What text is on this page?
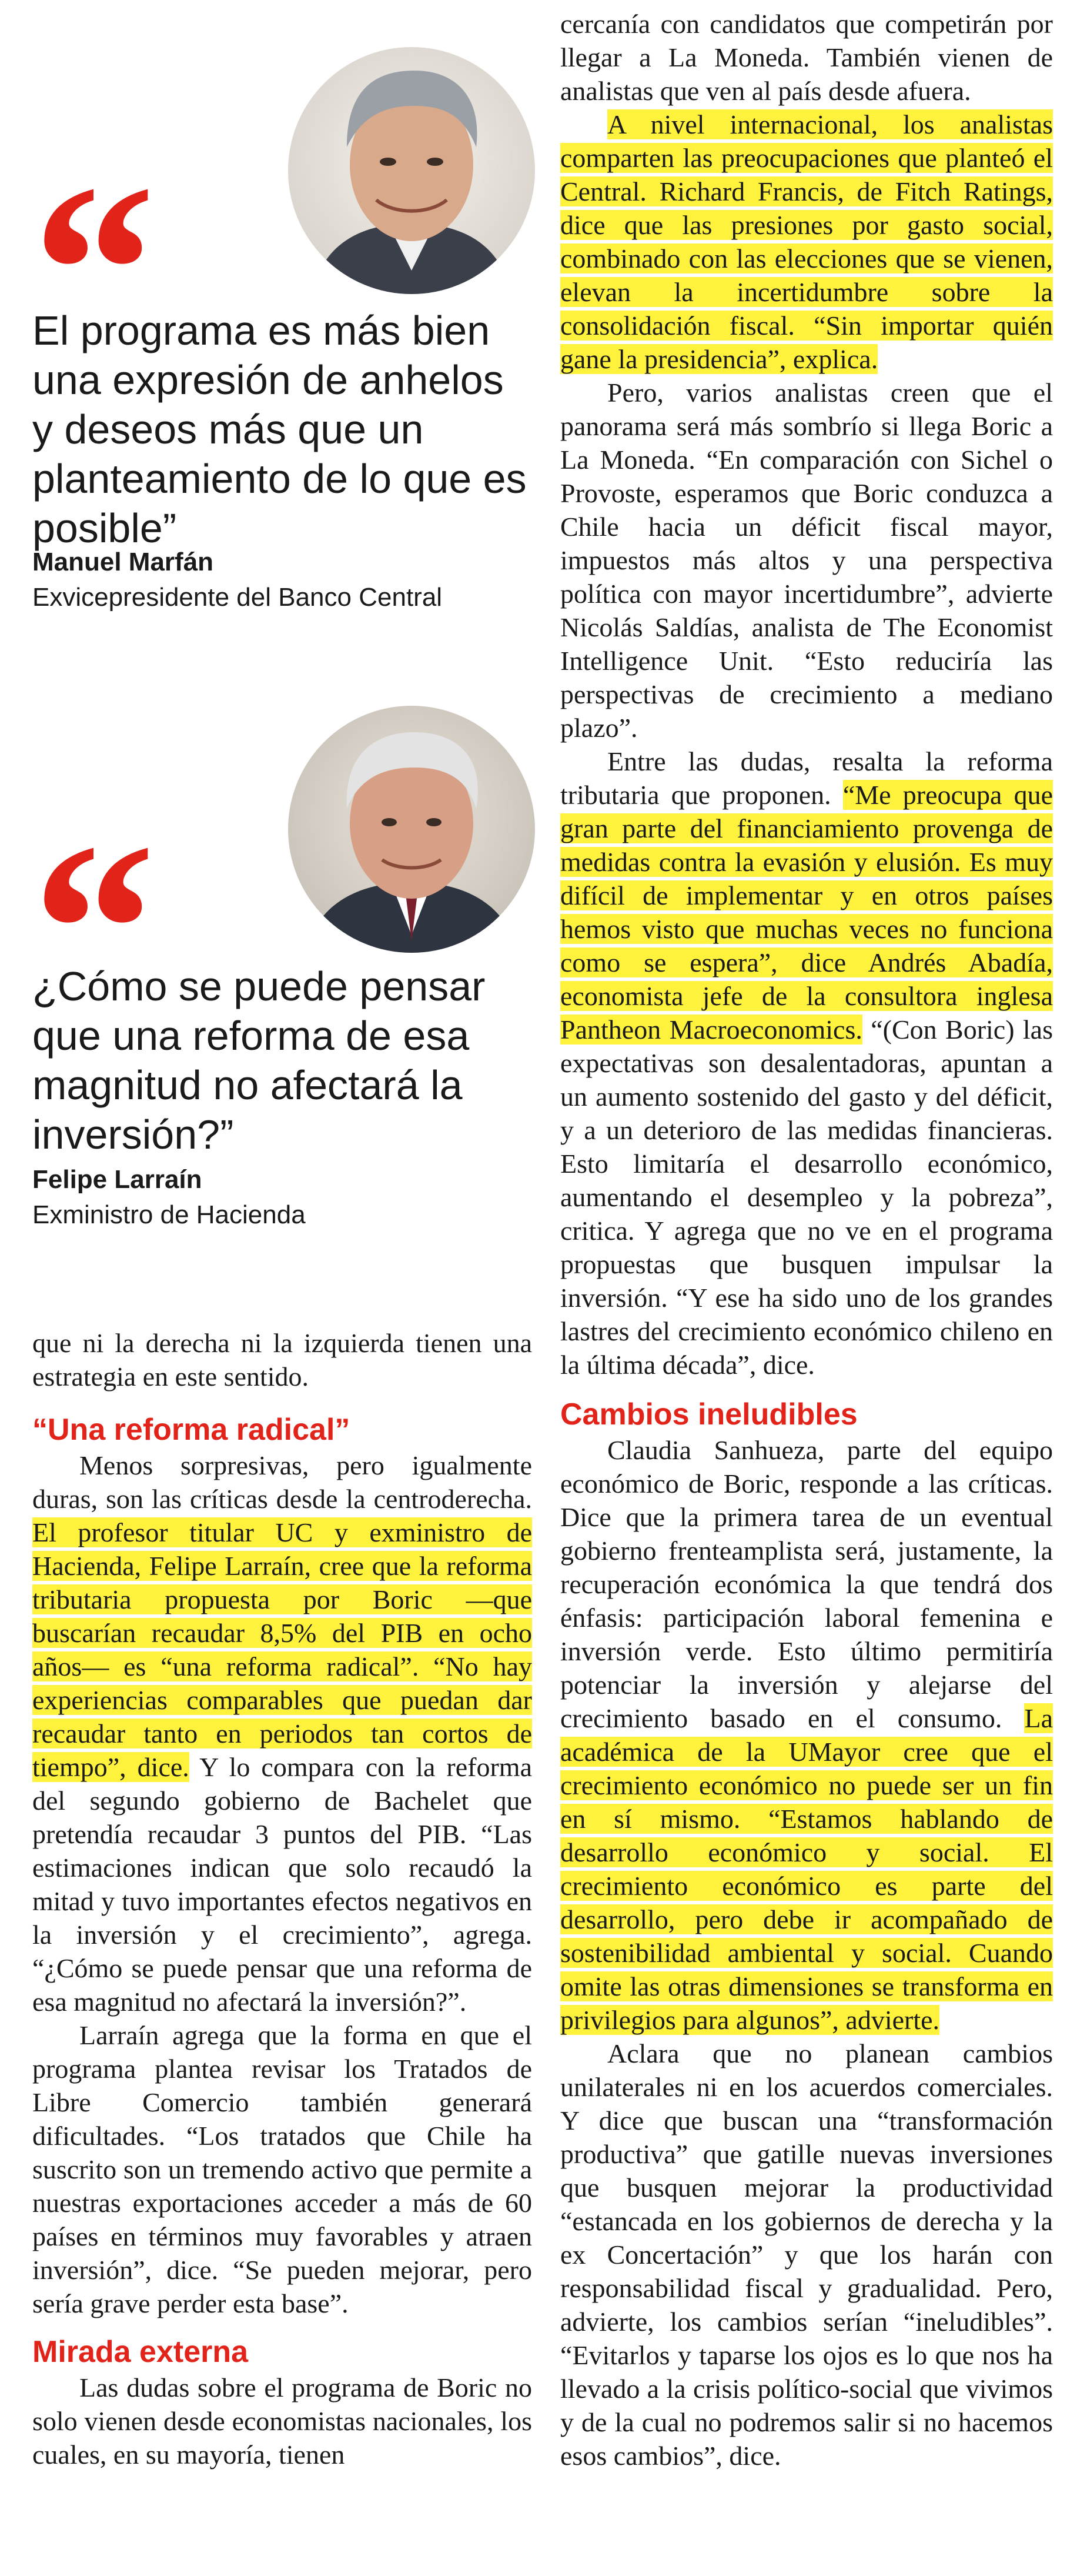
“
El programa es más bien una expresión de anhelos y deseos más que un planteamiento de lo que es posible”
Manuel Marfán
Exvicepresidente del Banco Central
“
¿Cómo se puede pensar que una reforma de esa magnitud no afectará la inversión?”
Felipe Larraín
Exministro de Hacienda

que ni la derecha ni la izquierda tienen una estrategia en este sentido.

“Una reforma radical”

Menos sorpresivas, pero igualmente duras, son las críticas desde la centroderecha. El profesor titular UC y exministro de Hacienda, Felipe Larraín, cree que la reforma tributaria propuesta por Boric —que buscarían recaudar 8,5% del PIB en ocho años— es “una reforma radical”. “No hay experiencias comparables que puedan dar recaudar tanto en periodos tan cortos de tiempo”, dice. Y lo compara con la reforma del segundo gobierno de Bachelet que pretendía recaudar 3 puntos del PIB. “Las estimaciones indican que solo recaudó la mitad y tuvo importantes efectos negativos en la inversión y el crecimiento”, agrega. “¿Cómo se puede pensar que una reforma de esa magnitud no afectará la inversión?”.

Larraín agrega que la forma en que el programa plantea revisar los Tratados de Libre Comercio también generará dificultades. “Los tratados que Chile ha suscrito son un tremendo activo que permite a nuestras exportaciones acceder a más de 60 países en términos muy favorables y atraen inversión”, dice. “Se pueden mejorar, pero sería grave perder esta base”.

Mirada externa

Las dudas sobre el programa de Boric no solo vienen desde economistas nacionales, los cuales, en su mayoría, tienen

cercanía con candidatos que competirán por llegar a La Moneda. También vienen de analistas que ven al país desde afuera.

A nivel internacional, los analistas comparten las preocupaciones que planteó el Central. Richard Francis, de Fitch Ratings, dice que las presiones por gasto social, combinado con las elecciones que se vienen, elevan la incertidumbre sobre la consolidación fiscal. “Sin importar quién gane la presidencia”, explica.

Pero, varios analistas creen que el panorama será más sombrío si llega Boric a La Moneda. “En comparación con Sichel o Provoste, esperamos que Boric conduzca a Chile hacia un déficit fiscal mayor, impuestos más altos y una perspectiva política con mayor incertidumbre”, advierte Nicolás Saldías, analista de The Economist Intelligence Unit. “Esto reduciría las perspectivas de crecimiento a mediano plazo”.

Entre las dudas, resalta la reforma tributaria que proponen. “Me preocupa que gran parte del financiamiento provenga de medidas contra la evasión y elusión. Es muy difícil de implementar y en otros países hemos visto que muchas veces no funciona como se espera”, dice Andrés Abadía, economista jefe de la consultora inglesa Pantheon Macroeconomics. “(Con Boric) las expectativas son desalentadoras, apuntan a un aumento sostenido del gasto y del déficit, y a un deterioro de las medidas financieras. Esto limitaría el desarrollo económico, aumentando el desempleo y la pobreza”, critica. Y agrega que no ve en el programa propuestas que busquen impulsar la inversión. “Y ese ha sido uno de los grandes lastres del crecimiento económico chileno en la última década”, dice.

Cambios ineludibles

Claudia Sanhueza, parte del equipo económico de Boric, responde a las críticas. Dice que la primera tarea de un eventual gobierno frenteamplista será, justamente, la recuperación económica la que tendrá dos énfasis: participación laboral femenina e inversión verde. Esto último permitiría potenciar la inversión y alejarse del crecimiento basado en el consumo. La académica de la UMayor cree que el crecimiento económico no puede ser un fin en sí mismo. “Estamos hablando de desarrollo económico y social. El crecimiento económico es parte del desarrollo, pero debe ir acompañado de sostenibilidad ambiental y social. Cuando omite las otras dimensiones se transforma en privilegios para algunos”, advierte.

Aclara que no planean cambios unilaterales ni en los acuerdos comerciales. Y dice que buscan una “transformación productiva” que gatille nuevas inversiones que busquen mejorar la productividad “estancada en los gobiernos de derecha y la ex Concertación” y que los harán con responsabilidad fiscal y gradualidad. Pero, advierte, los cambios serían “ineludibles”. “Evitarlos y taparse los ojos es lo que nos ha llevado a la crisis político-social que vivimos y de la cual no podremos salir si no hacemos esos cambios”, dice.
